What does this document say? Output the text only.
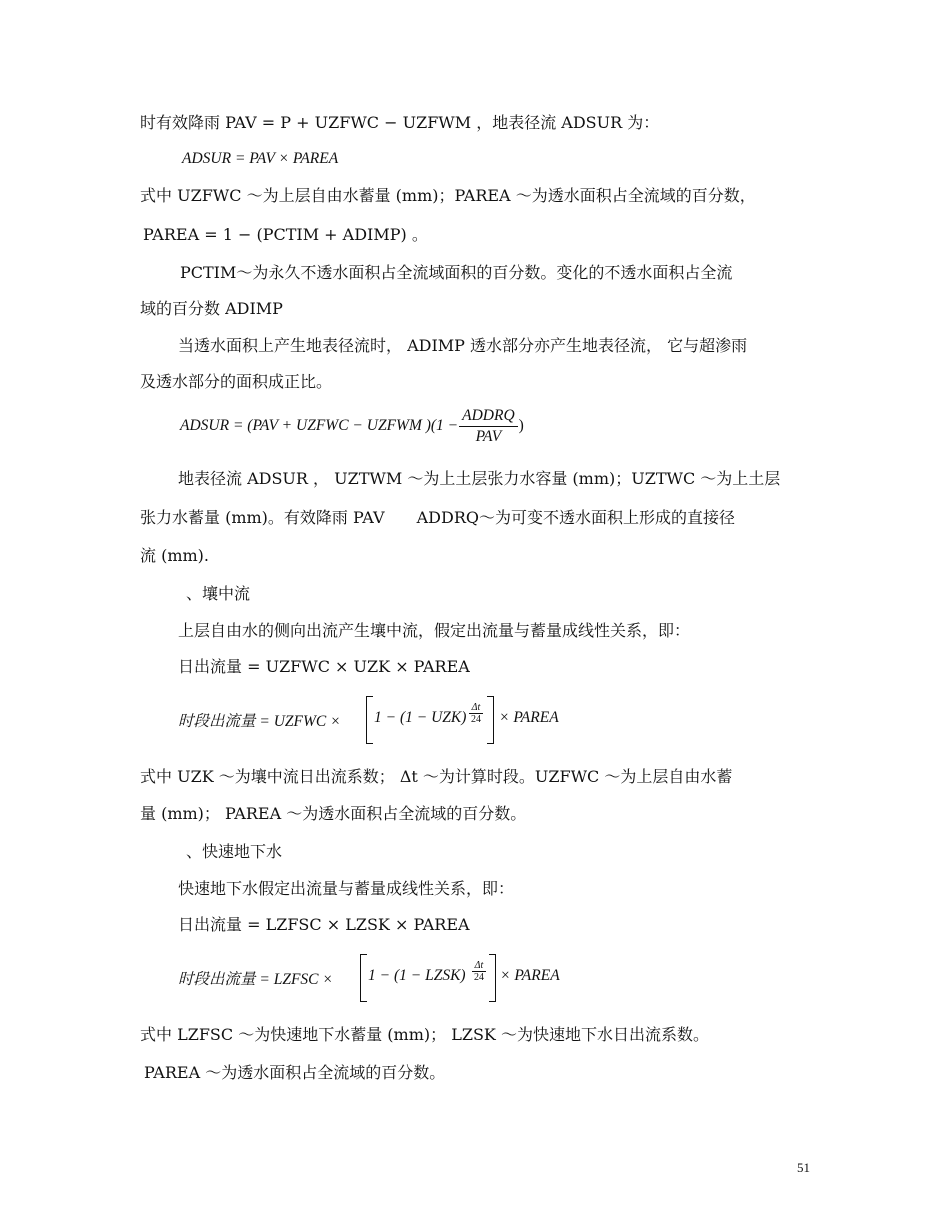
时有效降雨 PAV = P + UZFWC − UZFWM ，地表径流 ADSUR 为：
ADSUR = PAV × PAREA
式中 UZFWC ～为上层自由水蓄量 (mm)；PAREA ～为透水面积占全流域的百分数，
PAREA = 1 − (PCTIM + ADIMP) 。
PCTIM～为永久不透水面积占全流域面积的百分数。变化的不透水面积占全流
域的百分数 ADIMP
当透水面积上产生地表径流时， ADIMP 透水部分亦产生地表径流， 它与超渗雨
及透水部分的面积成正比。
ADSUR = (PAV + UZFWC − UZFWM )($1 - \frac{\text{ADDRQ}}{\text{PAV}}$ )
地表径流 ADSUR ， UZTWM ～为上土层张力水容量 (mm)；UZTWC ～为上土层
张力水蓄量 (mm)。有效降雨 PAV　　ADDRQ～为可变不透水面积上形成的直接径
流 (mm).
、壤中流
上层自由水的侧向出流产生壤中流，假定出流量与蓄量成线性关系，即：
日出流量 = UZFWC × UZK × PAREA
时段出流量 = UZFWC × $1 - (1 - UZK) \frac{\Delta t}{24}$ × PAREA
式中 UZK ～为壤中流日出流系数； Δt ～为计算时段。UZFWC ～为上层自由水蓄
量 (mm)； PAREA ～为透水面积占全流域的百分数。
、快速地下水
快速地下水假定出流量与蓄量成线性关系，即：
日出流量 = LZFSC × LZSK × PAREA
时段出流量 = LZFSC × 1 − (1 − LZSK) $\frac{\Delta t}{24}$ × PAREA
式中 LZFSC ～为快速地下水蓄量 (mm)； LZSK ～为快速地下水日出流系数。
PAREA ～为透水面积占全流域的百分数。
51
